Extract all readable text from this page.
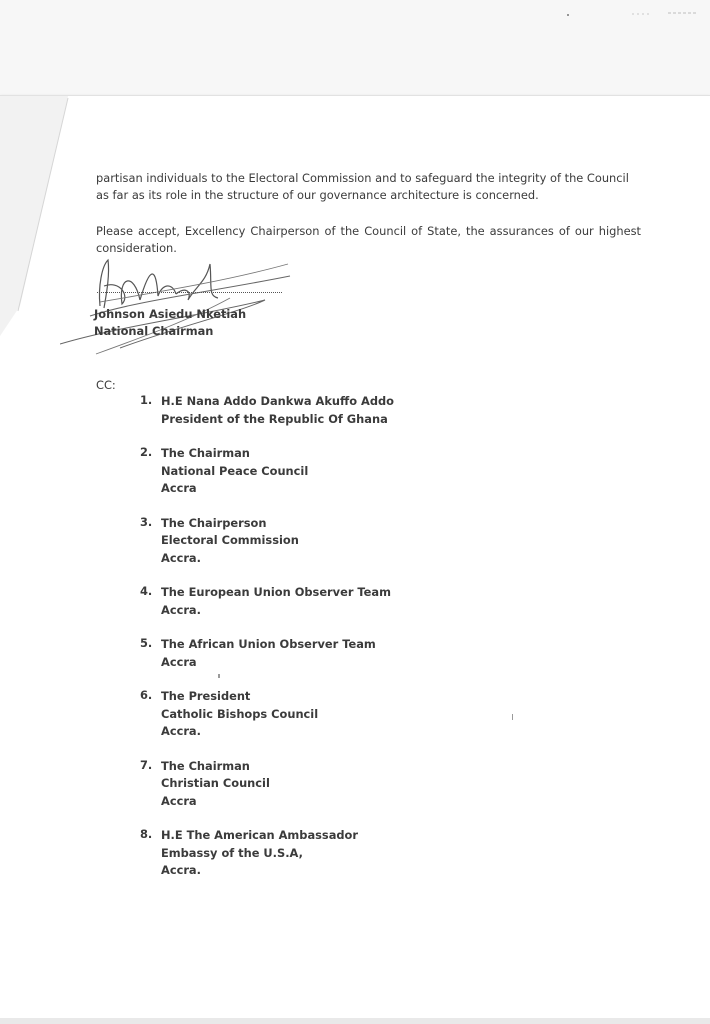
partisan individuals to the Electoral Commission and to safeguard the integrity of the Council as far as its role in the structure of our governance architecture is concerned.

Please accept, Excellency Chairperson of the Council of State, the assurances of our highest consideration.

Johnson Asiedu Nketiah
National Chairman
CC:
1. H.E Nana Addo Dankwa Akuffo Addo
President of the Republic Of Ghana
2. The Chairman
National Peace Council
Accra
3. The Chairperson
Electoral Commission
Accra.
4. The European Union Observer Team
Accra.
5. The African Union Observer Team
Accra
6. The President
Catholic Bishops Council
Accra.
7. The Chairman
Christian Council
Accra
8. H.E The American Ambassador
Embassy of the U.S.A,
Accra.
